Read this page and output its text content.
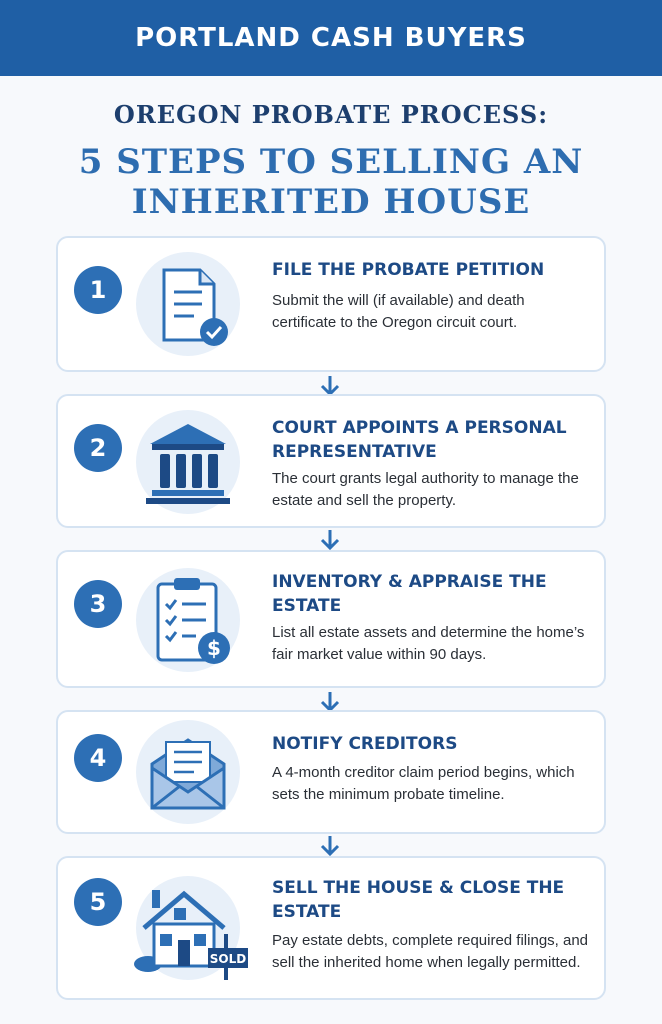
PORTLAND CASH BUYERS
OREGON PROBATE PROCESS:
5 STEPS TO SELLING AN INHERITED HOUSE
1
FILE THE PROBATE PETITION
Submit the will (if available) and death certificate to the Oregon circuit court.
2
COURT APPOINTS A PERSONAL REPRESENTATIVE
The court grants legal authority to manage the estate and sell the property.
3
$
INVENTORY & APPRAISE THE ESTATE
List all estate assets and determine the home’s fair market value within 90 days.
4	NOTIFY CREDITORS
A 4-month creditor claim period begins, which sets the minimum probate timeline.
5
SOLD
SELL THE HOUSE & CLOSE THE ESTATE
Pay estate debts, complete required filings, and sell the inherited home when legally permitted.
